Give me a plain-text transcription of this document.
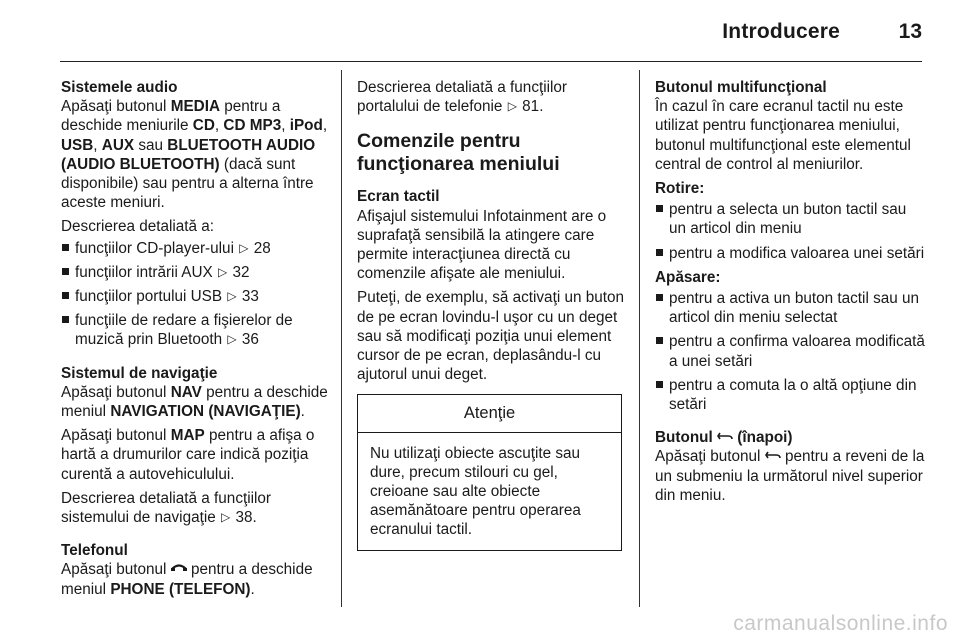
Introducere	13
Sistemele audio

Apăsaţi butonul MEDIA pentru a deschide meniurile CD, CD MP3, iPod, USB, AUX sau BLUETOOTH AUDIO (AUDIO BLUETOOTH) (dacă sunt disponibile) sau pentru a alterna între aceste meniuri.

Descrierea detaliată a:

funcţiilor CD-player-ului ▷ 28
funcţiilor intrării AUX ▷ 32
funcţiilor portului USB ▷ 33
funcţiile de redare a fişierelor de muzică prin Bluetooth ▷ 36
Sistemul de navigaţie

Apăsaţi butonul NAV pentru a deschide meniul NAVIGATION (NAVIGAŢIE).

Apăsaţi butonul MAP pentru a afişa o hartă a drumurilor care indică poziţia curentă a autovehiculului.

Descrierea detaliată a funcţiilor sistemului de navigaţie ▷ 38.

Telefonul

Apăsaţi butonul  pentru a deschide meniul PHONE (TELEFON).

Descrierea detaliată a funcţiilor portalului de telefonie ▷ 81.

Comenzile pentru funcţionarea meniului
Ecran tactil

Afişajul sistemului Infotainment are o suprafaţă sensibilă la atingere care permite interacţiunea directă cu comenzile afişate ale meniului.

Puteţi, de exemplu, să activaţi un buton de pe ecran lovindu-l uşor cu un deget sau să modificaţi poziţia unui element cursor de pe ecran, deplasându-l cu ajutorul unui deget.

Atenţie
Nu utilizaţi obiecte ascuţite sau dure, precum stilouri cu gel, creioane sau alte obiecte asemănătoare pentru operarea ecranului tactil.
Butonul multifuncţional

În cazul în care ecranul tactil nu este utilizat pentru funcţionarea meniului, butonul multifuncţional este elementul central de control al meniurilor.

Rotire:
pentru a selecta un buton tactil sau un articol din meniu
pentru a modifica valoarea unei setări
Apăsare:
pentru a activa un buton tactil sau un articol din meniu selectat
pentru a confirma valoarea modificată a unei setări
pentru a comuta la o altă opţiune din setări
Butonul  (înapoi)

Apăsaţi butonul  pentru a reveni de la un submeniu la următorul nivel superior din meniu.

carmanualsonline.info
